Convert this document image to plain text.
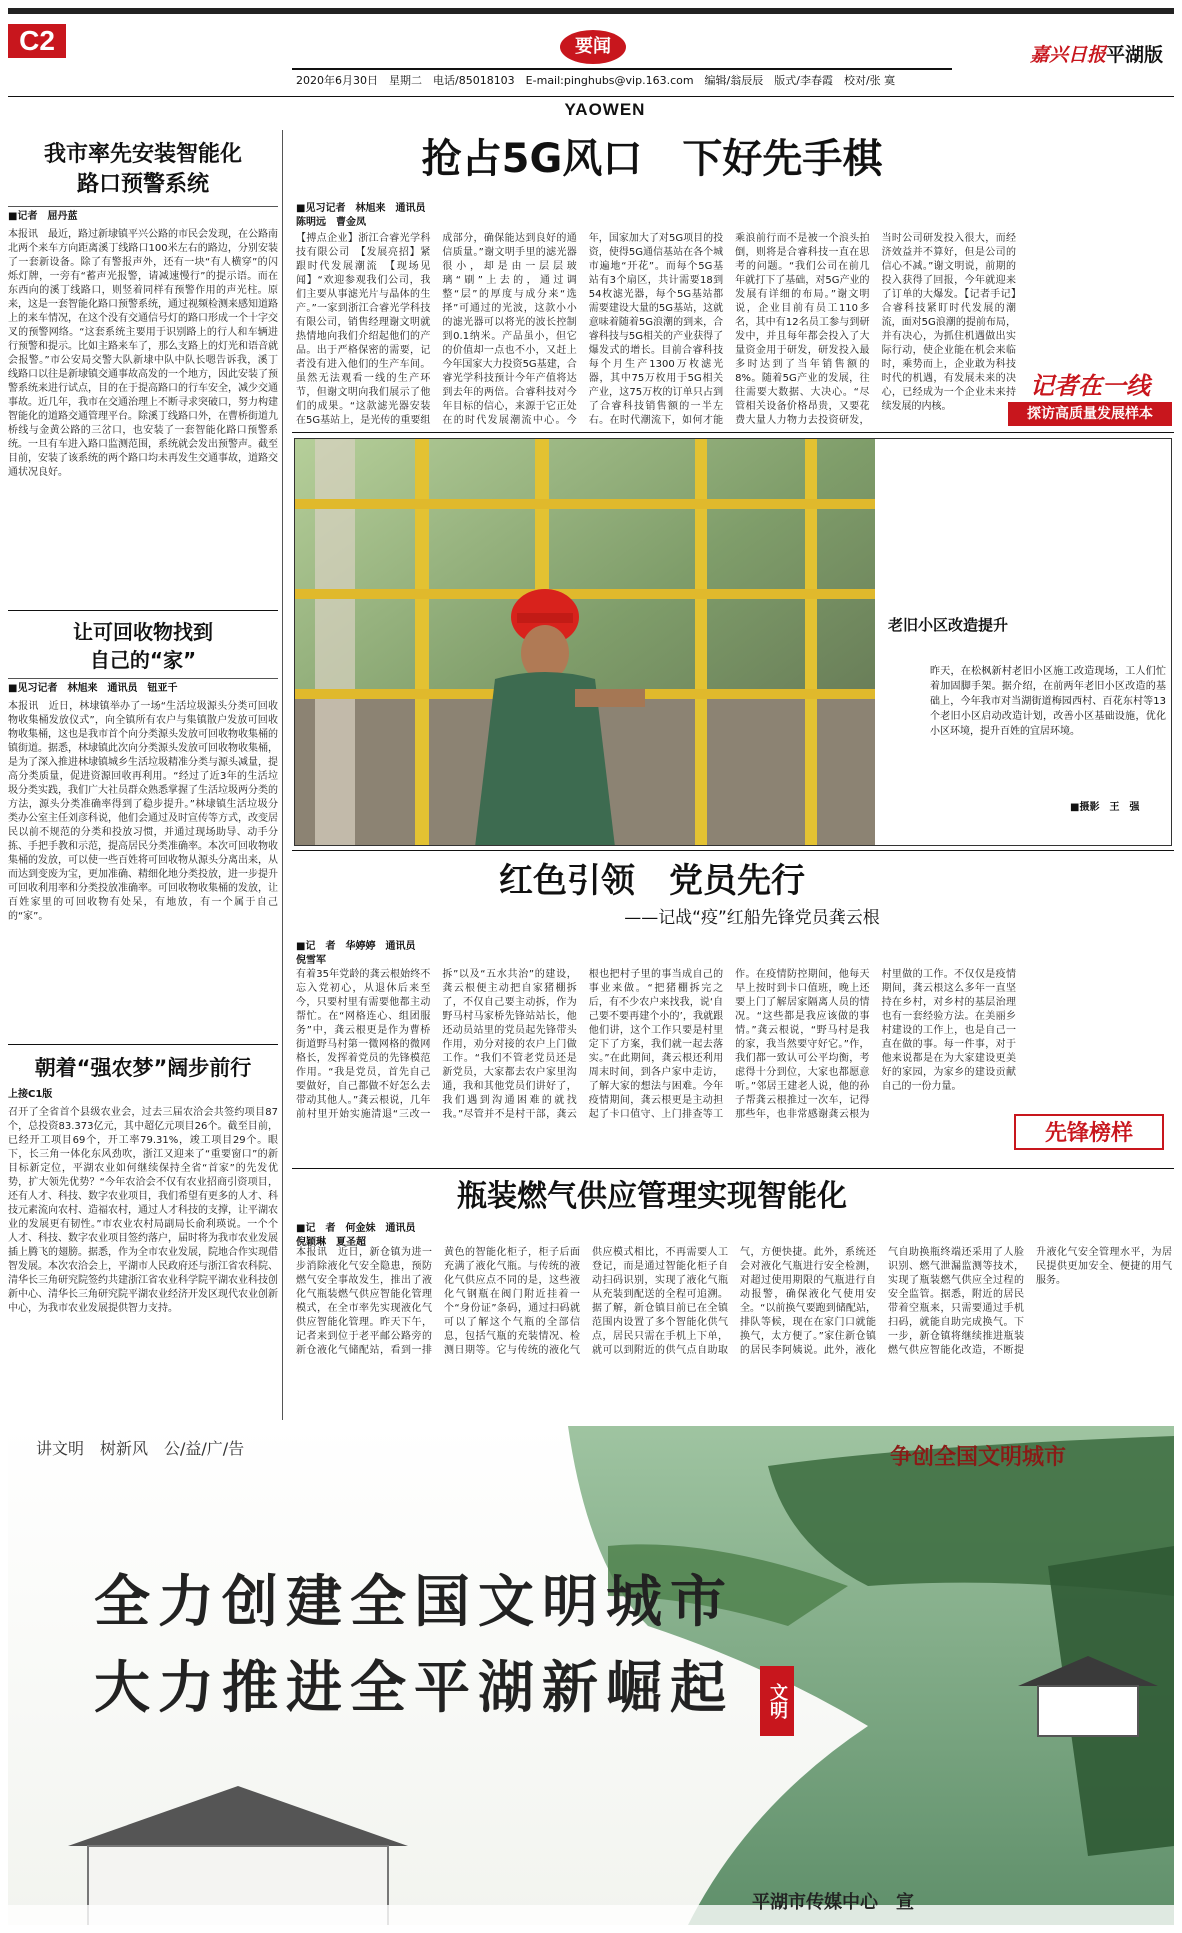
C2	要闻
2020年6月30日　星期二　电话/85018103　E-mail:pinghubs@vip.163.com　编辑/翁辰辰　版式/李春霞　校对/张 寞
YAOWEN
嘉兴日报平湖版
我市率先安装智能化
路口预警系统
■记者　屈丹蓝
本报讯　最近，路过新埭镇平兴公路的市民会发现，在公路南北两个来车方向距离溪丁线路口100米左右的路边，分别安装了一套新设备。除了有警报声外，还有一块“有人横穿”的闪烁灯牌，一旁有“蓄声光报警，请减速慢行”的提示语。而在东西向的溪丁线路口，则竖着同样有预警作用的声光柱。原来，这是一套智能化路口预警系统，通过视频检测来感知道路上的来车情况，在这个没有交通信号灯的路口形成一个十字交叉的预警网络。“这套系统主要用于识别路上的行人和车辆进行预警和提示。比如主路来车了，那么支路上的灯光和语音就会报警。”市公安局交警大队新埭中队中队长嗯告诉我，溪丁线路口以往是新埭镇交通事故高发的一个地方，因此安装了预警系统来进行试点，目的在于提高路口的行车安全，减少交通事故。近几年，我市在交通治理上不断寻求突破口，努力构建智能化的道路交通管理平台。除溪丁线路口外，在曹桥街道九桥线与金黄公路的三岔口，也安装了一套智能化路口预警系统。一旦有车进入路口监测范围，系统就会发出预警声。截至目前，安装了该系统的两个路口均未再发生交通事故，道路交通状况良好。
让可回收物找到
自己的“家”
■见习记者　林旭来　通讯员　钮亚千
本报讯　近日，林埭镇举办了一场“生活垃圾源头分类可回收物收集桶发放仪式”，向全镇所有农户与集镇散户发放可回收物收集桶，这也是我市首个向分类源头发放可回收物收集桶的镇街道。据悉，林埭镇此次向分类源头发放可回收物收集桶，是为了深入推进林埭镇城乡生活垃圾精准分类与源头减量，提高分类质量，促进资源回收再利用。“经过了近3年的生活垃圾分类实践，我们广大社员群众熟悉掌握了生活垃圾两分类的方法，源头分类准确率得到了稳步提升。”林埭镇生活垃圾分类办公室主任刘彦科说，他们会通过及时宣传等方式，改变居民以前不规范的分类和投放习惯，并通过现场助导、动手分拣、手把手教和示范，提高居民分类准确率。本次可回收物收集桶的发放，可以使一些百姓将可回收物从源头分离出来，从而达到变废为宝，更加准确、精细化地分类投放，进一步提升可回收利用率和分类投放准确率。可回收物收集桶的发放，让百姓家里的可回收物有处呆，有地放，有一个属于自己的“家”。
朝着“强农梦”阔步前行
上接C1版
召开了全省首个县级农业会，过去三届农洽会共签约项目87个，总投资83.373亿元，其中超亿元项目26个。截至目前，已经开工项目69个，开工率79.31%，竣工项目29个。眼下，长三角一体化东风劲吹，浙江又迎来了“重要窗口”的新目标新定位，平湖农业如何继续保持全省“首家”的先发优势，扩大领先优势？“今年农洽会不仅有农业招商引资项目，还有人才、科技、数字农业项目，我们希望有更多的人才、科技元素流向农村、造福农村，通过人才科技的支撑，让平湖农业的发展更有韧性。”市农业农村局副局长俞利瑛说。一个个人才、科技、数字农业项目签约落户，届时将为我市农业发展插上腾飞的翅膀。据悉，作为全市农业发展，院地合作实现借智发展。本次农洽会上，平湖市人民政府还与浙江省农科院、清华长三角研究院签约共建浙江省农业科学院平湖农业科技创新中心、清华长三角研究院平湖农业经济开发区现代农业创新中心，为我市农业发展提供智力支持。
抢占5G风口　下好先手棋
■见习记者　林旭来　通讯员　陈明远　曹金凤
【搏点企业】浙江合睿光学科技有限公司　【发展亮招】紧跟时代发展潮流　【现场见闻】“欢迎参观我们公司，我们主要从事滤光片与晶体的生产。”一家到浙江合睿光学科技有限公司，销售经理谢文明就热情地向我们介绍起他们的产品。出于严格保密的需要，记者没有进入他们的生产车间。虽然无法观看一线的生产环节，但谢文明向我们展示了他们的成果。“这款滤光器安装在5G基站上，是光传的重要组成部分，确保能达到良好的通信质量。”谢文明手里的滤光器很小，却是由一层层玻璃“刷”上去的，通过调整“层”的厚度与成分来“选择”可通过的光波，这款小小的滤光器可以将光的波长控制到0.1纳米。产品虽小，但它的价值却一点也不小，又赶上今年国家大力投资5G基建，合睿光学科技预计今年产值将达到去年的两倍。合睿科技对今年目标的信心，来源于它正处在的时代发展潮流中心。今年，国家加大了对5G项目的投资，使得5G通信基站在各个城市遍地“开花”。而每个5G基站有3个扇区，共计需要18到54枚滤光器，每个5G基站都需要建设大量的5G基站，这就意味着随着5G浪潮的到来，合睿科技与5G相关的产业获得了爆发式的增长。目前合睿科技每个月生产1300万枚滤光器，其中75万枚用于5G相关产业，这75万枚的订单只占到了合睿科技销售额的一半左右。在时代潮流下，如何才能乘浪前行而不是被一个浪头拍倒，则将是合睿科技一直在思考的问题。“我们公司在前几年就打下了基础，对5G产业的发展有详细的布局。”谢文明说，企业目前有员工110多名，其中有12名员工参与到研发中，并且每年都会投入了大量资金用于研发，研发投入最多时达到了当年销售额的8%。随着5G产业的发展，往往需要大数据、大决心。“尽管相关设备价格昂贵，又要花费大量人力物力去投资研发，当时公司研发投入很大，而经济效益并不算好，但是公司的信心不减。”谢文明说，前期的投入获得了回报，今年就迎来了订单的大爆发。【记者手记】合睿科技紧盯时代发展的潮流，面对5G浪潮的提前布局，并有决心，为抓住机遇做出实际行动，使企业能在机会来临时，乘势而上，企业敢为科技时代的机遇，有发展未来的决心，已经成为一个企业未来持续发展的内核。
记者在一线
探访高质量发展样本
老旧小区改造提升
昨天，在松枫新村老旧小区施工改造现场，工人们忙着加固脚手架。据介绍，在前两年老旧小区改造的基础上，今年我市对当湖街道梅园西村、百花东村等13个老旧小区启动改造计划，改善小区基础设施，优化小区环境，提升百姓的宜居环境。
■摄影　王　强
红色引领　党员先行
——记战“疫”红船先锋党员龚云根
■记　者　华婷婷　通讯员　倪雪军
有着35年党龄的龚云根始终不忘入党初心，从退休后来至今，只要村里有需要他都主动帮忙。在“网格连心、组团服务”中，龚云根更是作为曹桥街道野马村第一微网格的微网格长，发挥着党员的先锋模范作用。“我是党员，首先自己要做好，自己都做不好怎么去带动其他人。”龚云根说，几年前村里开始实施清退“三改一拆”以及“五水共治”的建设，龚云根便主动把自家猪棚拆了，不仅自己要主动拆，作为野马村马家桥先锋站站长，他还动员站里的党员起先锋带头作用，劝分对接的农户上门做工作。“我们不管老党员还是新党员，大家都去农户家里沟通，我和其他党员们讲好了，我们遇到沟通困难的就找我。”尽管并不是村干部，龚云根也把村子里的事当成自己的事业来做。“把猪棚拆完之后，有不少农户来找我，说‘自己要不要再建个小的’，我就跟他们讲，这个工作只要是村里定下了方案，我们就一起去落实。”在此期间，龚云根还利用周末时间，到各户家中走访，了解大家的想法与困难。今年疫情期间，龚云根更是主动担起了卡口值守、上门排查等工作。在疫情防控期间，他每天早上按时到卡口值班，晚上还要上门了解居家隔离人员的情况。“这些都是我应该做的事情。”龚云根说，“野马村是我的家，我当然要守好它。”作，我们都一致认可公平均衡，考虑得十分到位，大家也都愿意听。”邻居王建老人说，他的孙子帮龚云根推过一次车，记得那些年，也非常感谢龚云根为村里做的工作。不仅仅是疫情期间，龚云根这么多年一直坚持在乡村，对乡村的基层治理也有一套经验方法。在美丽乡村建设的工作上，也是自己一直在做的事。每一件事，对于他来说都是在为大家建设更美好的家园，为家乡的建设贡献自己的一份力量。
先锋榜样
瓶装燃气供应管理实现智能化
■记　者　何金妹　通讯员　倪颖琳　夏圣超
本报讯　近日，新仓镇为进一步消除液化气安全隐患，预防燃气安全事故发生，推出了液化气瓶装燃气供应智能化管理模式，在全市率先实现液化气供应智能化管理。昨天下午，记者来到位于老平邮公路旁的新仓液化气储配站，看到一排黄色的智能化柜子，柜子后面充满了液化气瓶。与传统的液化气供应点不同的是，这些液化气钢瓶在阀门附近挂着一个“身份证”条码，通过扫码就可以了解这个气瓶的全部信息，包括气瓶的充装情况、检测日期等。它与传统的液化气供应模式相比，不再需要人工登记，而是通过智能化柜子自动扫码识别，实现了液化气瓶从充装到配送的全程可追溯。据了解，新仓镇目前已在全镇范围内设置了多个智能化供气点，居民只需在手机上下单，就可以到附近的供气点自助取气，方便快捷。此外，系统还会对液化气瓶进行安全检测，对超过使用期限的气瓶进行自动报警，确保液化气使用安全。“以前换气要跑到储配站，排队等候，现在在家门口就能换气，太方便了。”家住新仓镇的居民李阿姨说。此外，液化气自助换瓶终端还采用了人脸识别、燃气泄漏监测等技术，实现了瓶装燃气供应全过程的安全监管。据悉，附近的居民带着空瓶来，只需要通过手机扫码，就能自助完成换气。下一步，新仓镇将继续推进瓶装燃气供应智能化改造，不断提升液化气安全管理水平，为居民提供更加安全、便捷的用气服务。
讲文明　树新风　公/益/广/告	争创全国文明城市
全力创建全国文明城市
大力推进全平湖新崛起	文明
平湖市传媒中心　宣
